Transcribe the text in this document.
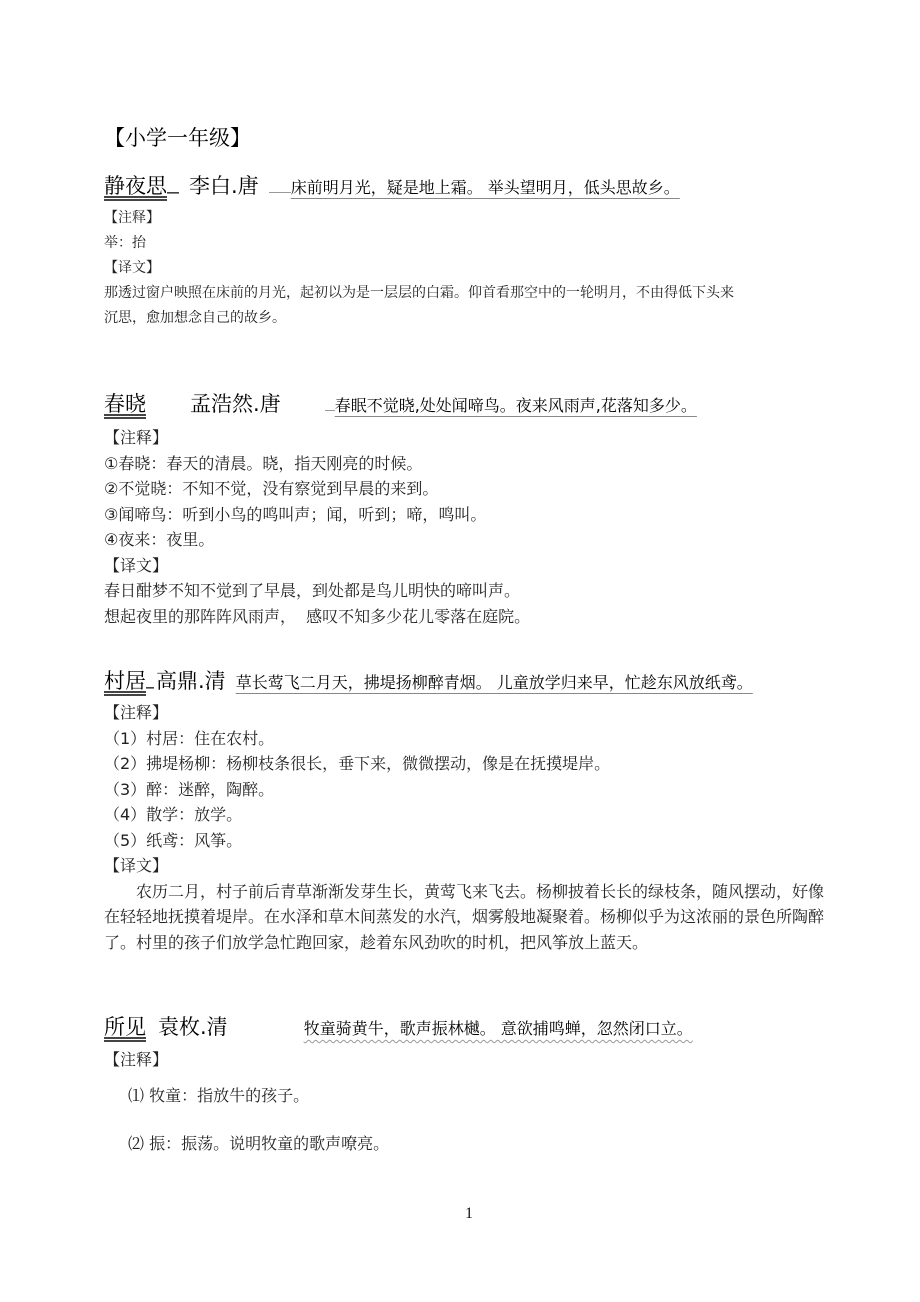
【小学一年级】
静夜思 李白.唐 床前明月光，疑是地上霜。 举头望明月，低头思故乡。
【注释】
举：抬
【译文】
那透过窗户映照在床前的月光，起初以为是一层层的白霜。仰首看那空中的一轮明月，不由得低下头来
沉思，愈加想念自己的故乡。
春晓 孟浩然.唐	春眠不觉晓,处处闻啼鸟。夜来风雨声,花落知多少。
【注释】
①春晓：春天的清晨。晓，指天刚亮的时候。
②不觉晓：不知不觉，没有察觉到早晨的来到。
③闻啼鸟：听到小鸟的鸣叫声；闻，听到；啼，鸣叫。
④夜来：夜里。
【译文】
春日酣梦不知不觉到了早晨，到处都是鸟儿明快的啼叫声。
想起夜里的那阵阵风雨声，  感叹不知多少花儿零落在庭院。
村居 高鼎.清 草长莺飞二月天，拂堤扬柳醉青烟。 儿童放学归来早，忙趁东风放纸鸢。
【注释】
（1）村居：住在农村。
（2）拂堤杨柳：杨柳枝条很长，垂下来，微微摆动，像是在抚摸堤岸。
（3）醉：迷醉，陶醉。
（4）散学：放学。
（5）纸鸢：风筝。
【译文】
农历二月，村子前后青草渐渐发芽生长，黄莺飞来飞去。杨柳披着长长的绿枝条，随风摆动，好像在轻轻地抚摸着堤岸。在水泽和草木间蒸发的水汽，烟雾般地凝聚着。杨柳似乎为这浓丽的景色所陶醉了。村里的孩子们放学急忙跑回家，趁着东风劲吹的时机，把风筝放上蓝天。
所见 袁枚.清	牧童骑黄牛，歌声振林樾。 意欲捕鸣蝉，忽然闭口立。
【注释】
⑴ 牧童：指放牛的孩子。
⑵ 振：振荡。说明牧童的歌声嘹亮。
1
